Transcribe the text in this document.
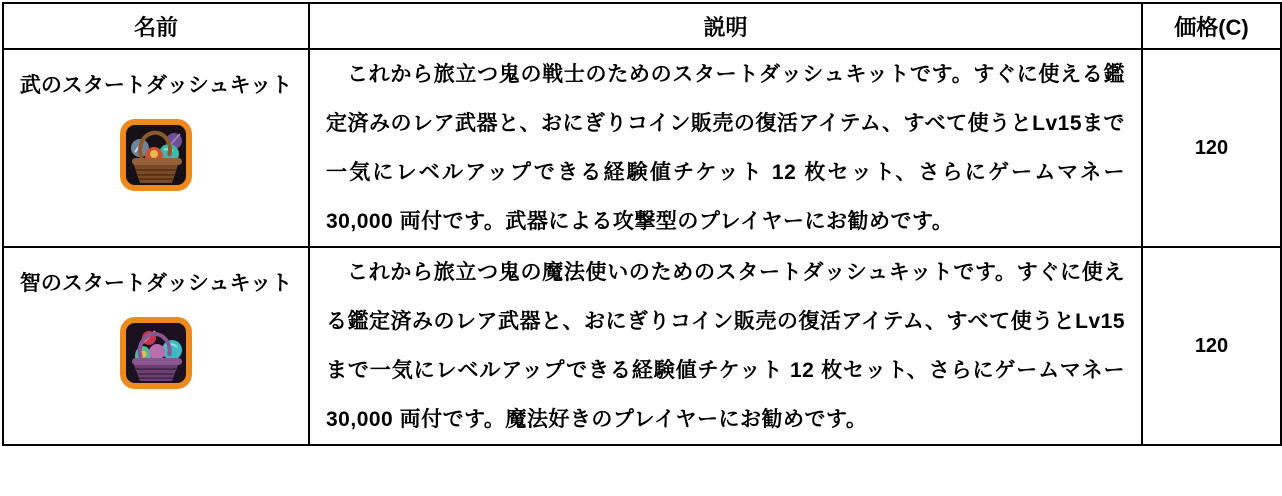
名前	説明	価格(C)

武のスタートダッシュキット	これから旅立つ鬼の戦士のためのスタートダッシュキットです。すぐに使える鑑定済みのレア武器と、おにぎりコイン販売の復活アイテム、すべて使うとLv15まで一気にレベルアップできる経験値チケット 12 枚セット、さらにゲームマネー30,000 両付です。武器による攻撃型のプレイヤーにお勧めです。	120

智のスタートダッシュキット	これから旅立つ鬼の魔法使いのためのスタートダッシュキットです。すぐに使える鑑定済みのレア武器と、おにぎりコイン販売の復活アイテム、すべて使うとLv15まで一気にレベルアップできる経験値チケット 12 枚セット、さらにゲームマネー30,000 両付です。魔法好きのプレイヤーにお勧めです。	120
